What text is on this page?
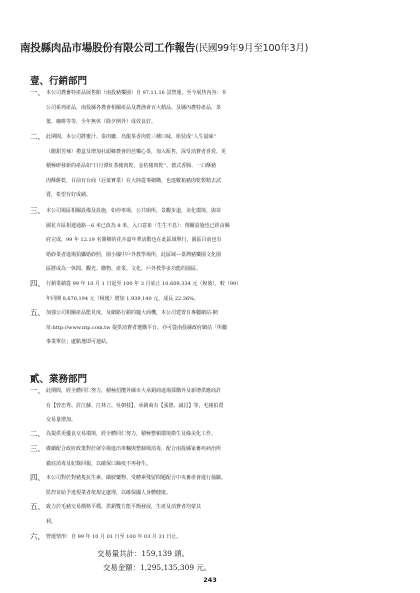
南投縣肉品市場股份有限公司工作報告(民國99年9月至100年3月)
壹、行銷部門
一、 本公司農畜特產品展售館（南投豬樂園）自 97.11.16 試營運，至今展售內容：本
公司系列產品，南投縣各農會相關產品及農漁會百大精品、及縣內農特產品，茶
葉、咖啡等等，全年無休（除夕例外）成效良好。
二、 此期間，本公司將蜜汁、泰肉廳、烏龍茶香肉乾三種口味，組装成”人生滋味”
（酸甜苦辣）禮盒及增加社頭鄉農會的芭樂心茶，加入販售，深受消費者喜愛，更
積極研發新的產品如”日月潭紅茶豬肉乾、金桔豬肉乾”、德式香腸、一口酥豬
肉酥餅乾，目前有台商（冠蓁實業）在大陸從事網購，也進數箱豬肉乾製精去試
賣，希望有好成績。
三、 本公司場區相關設備及設施，如停車場，公共廁所，景觀步道，美化環境，與苗
圃花卉區相連通路－6 米已改為 8 米，入口意象（生生不息）：削關設施也已經由縣
府完成，99 年 12.19 名間鄉的花卉嘉年華活動也在此區域舉行，園區目前也有
婚紗業者進場拍攝婚紗照，園小國中戶外教學場所，此區域—臺灣豬樂園文化園
區將成為一休閒、觀光、購物、產業、文化、戶外教學多功能的園區。
四、 行銷業績從 99 年 10 月 1 日起至 100 年 3 月底止 10,609,334 元（稅後），較（99）
年同期 8,670,194 元（稅後）增加 1,939,140 元，成長 22.36%。
五、 加強公司相關產品能見度，及網路行銷的龐大商機，本公司建置有專屬網站-網
址:http://www.ntp.com.tw 提供消費者選購平台。亦可從南投縣政府網站「所屬
事業單位」處點選即可連結。
貳、業務部門
一、 此期間，經全體同仁努力，積極招攬外縣市大承銷商進場採購外及新增供應商許
有【曾忠秀、許江蘇、江林立、吳朝枝】，承銷商有【張德、誠昌】等，毛豬拍賣
交易量增加。
二、 為提供更優良交易環境，經全體同仁努力，積極整頓環境衛生及綠美化工作。
三、 賡續配合政府政策對於屠宰場進出車輛與整個場消毒，配合南投縣家畜疾病治所
徹底消毒及紀錄回報，以確保口蹄疫不再發生。
四、 本公司對於對豬隻抗生素、磺胺藥物、受體素殘留問題配合中央畜產會進行抽驗、
監控並給予違規業者依規定處理，以確保國人身體健康。
五、 致力於毛豬交易價格平穩，供銷雙方能平衡發展，生產及消費者均蒙其
利。
六、 營運情形：自 99 年 10 月 01 日至 100 年 03 月 31 日止。
交易量共計：159,139 頭。
交易金額：1,295,135,309 元。
243
